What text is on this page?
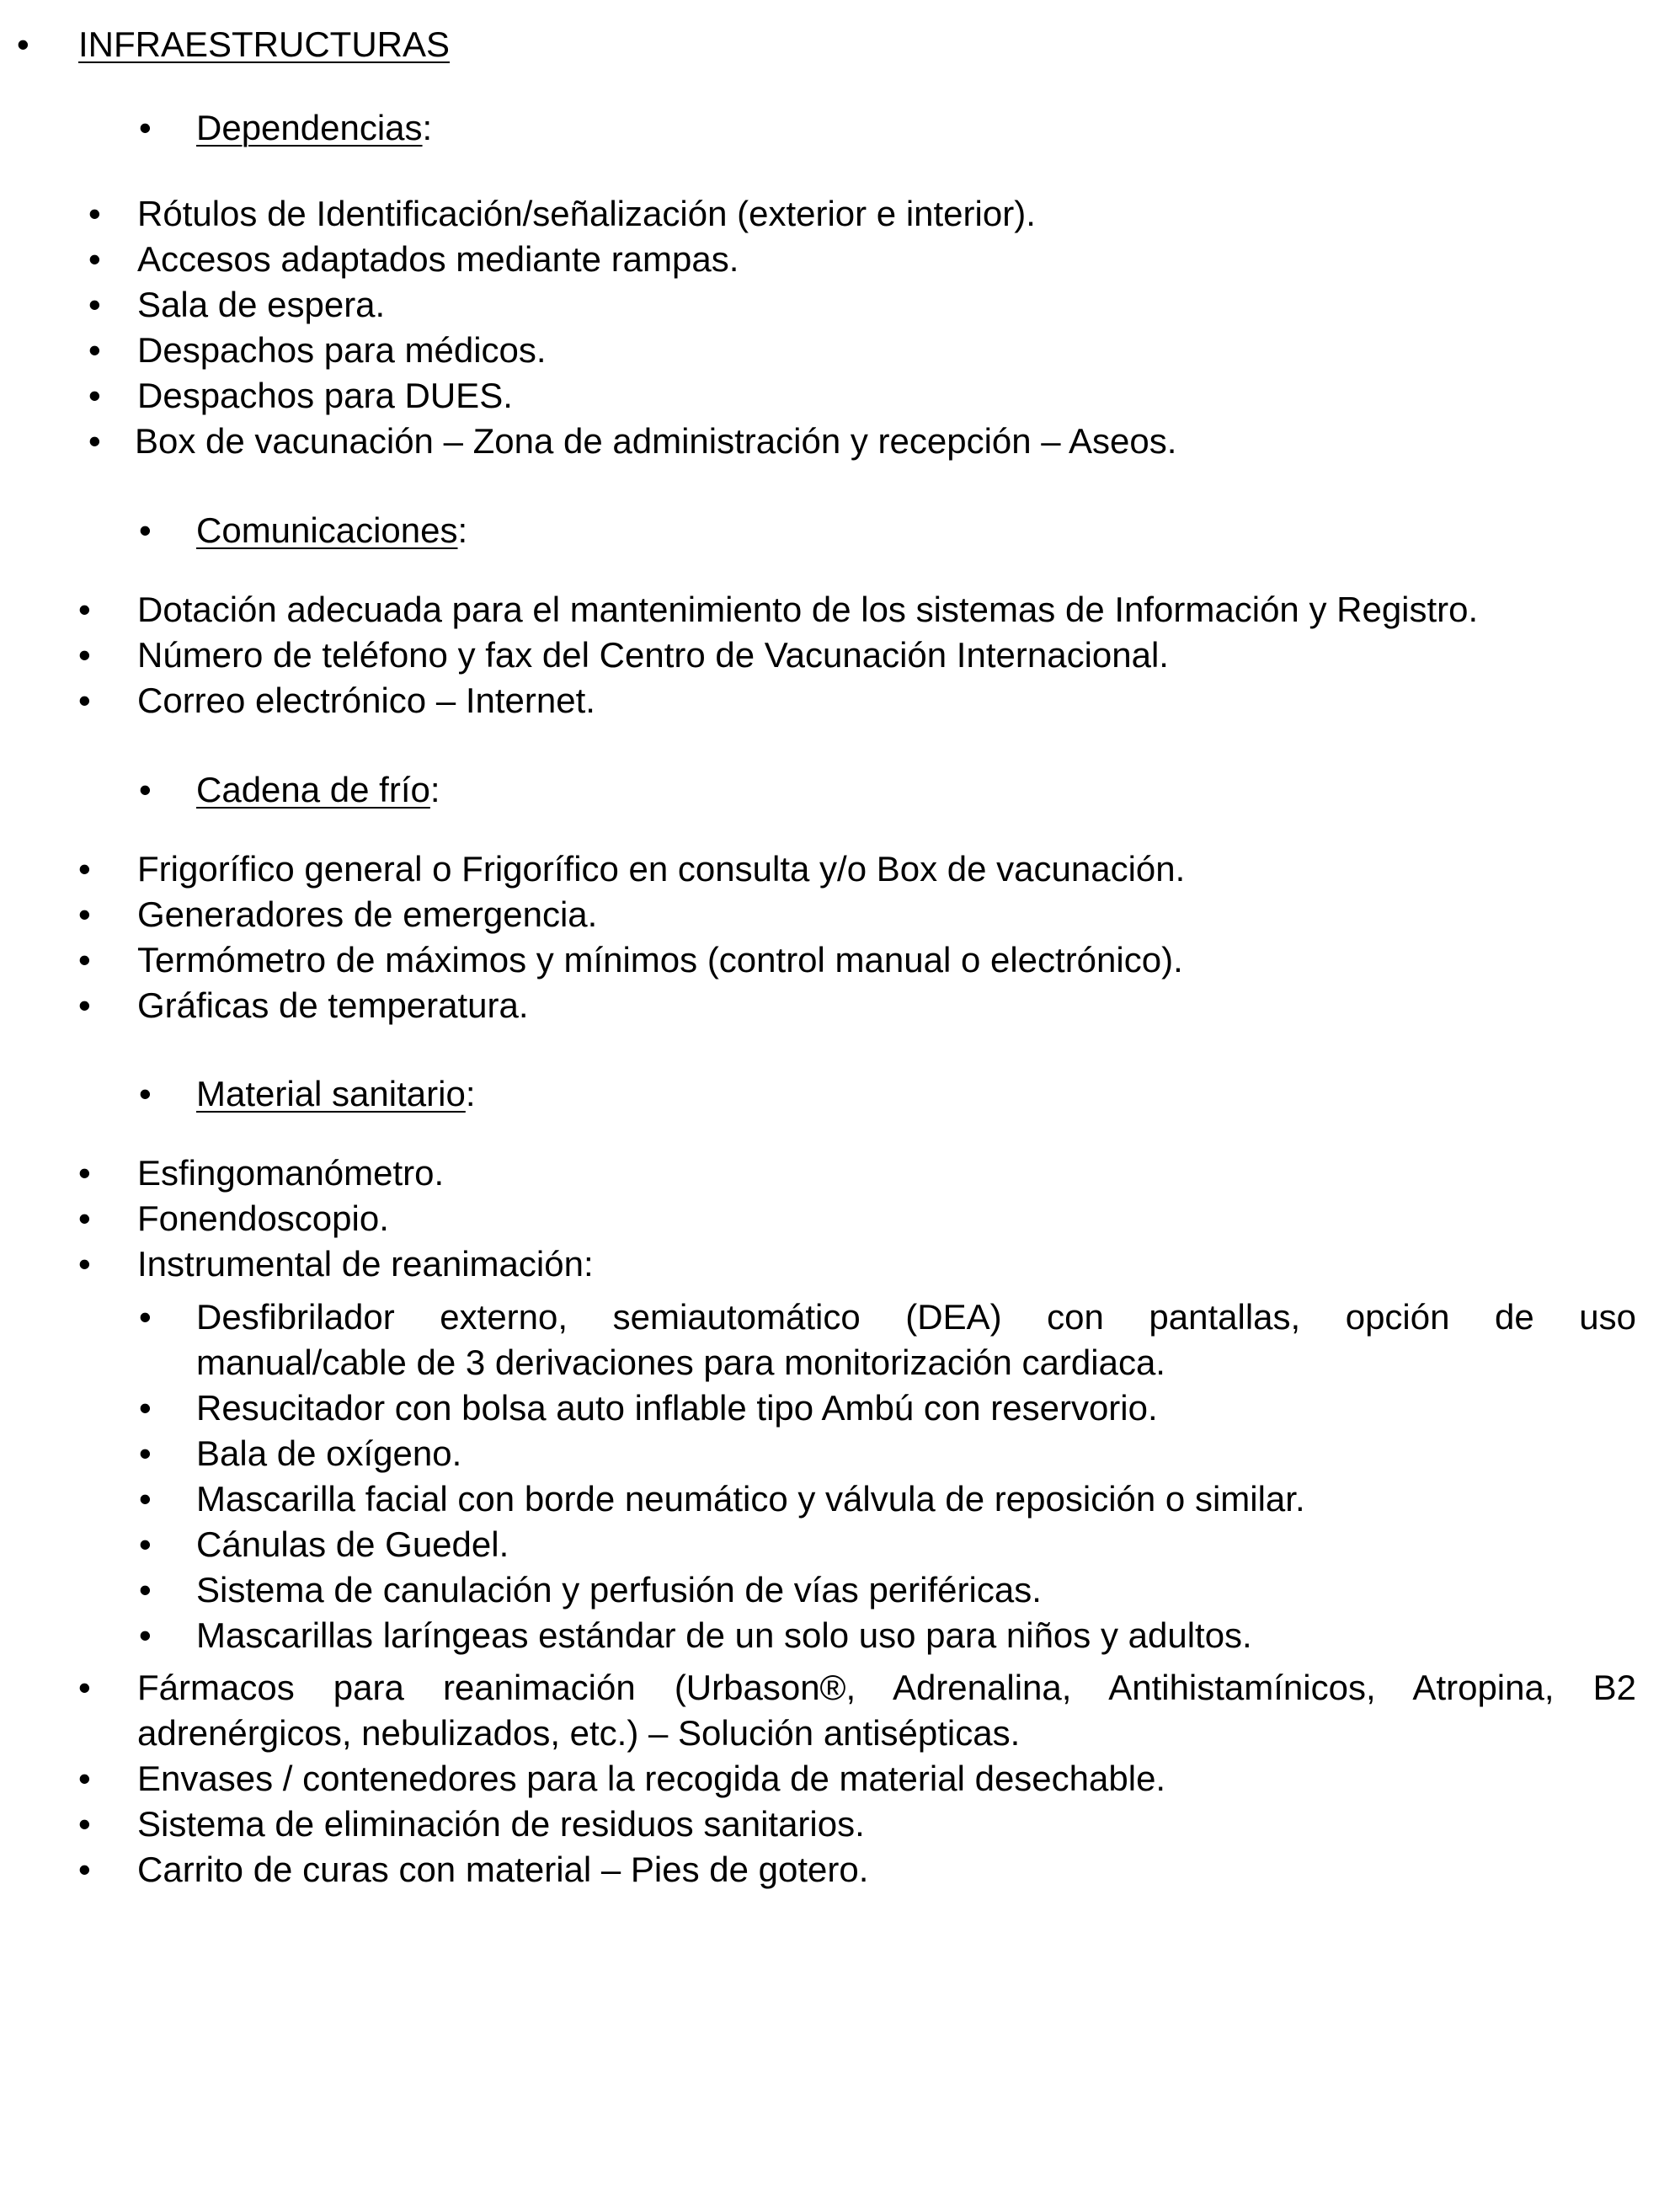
• INFRAESTRUCTURAS
• Dependencias:
• Rótulos de Identificación/señalización (exterior e interior).
• Accesos adaptados mediante rampas.
• Sala de espera.
• Despachos para médicos.
• Despachos para DUES.
• Box de vacunación – Zona de administración y recepción – Aseos.
• Comunicaciones:
• Dotación adecuada para el mantenimiento de los sistemas de Información y Registro.
• Número de teléfono y fax del Centro de Vacunación Internacional.
• Correo electrónico – Internet.
• Cadena de frío:
• Frigorífico general o Frigorífico en consulta y/o Box de vacunación.
• Generadores de emergencia.
• Termómetro de máximos y mínimos (control manual o electrónico).
• Gráficas de temperatura.
• Material sanitario:
• Esfingomanómetro.
• Fonendoscopio.
• Instrumental de reanimación:
• Desfibrilador externo, semiautomático (DEA) con pantallas, opción de uso
manual/cable de 3 derivaciones para monitorización cardiaca.
• Resucitador con bolsa auto inflable tipo Ambú con reservorio.
• Bala de oxígeno.
• Mascarilla facial con borde neumático y válvula de reposición o similar.
• Cánulas de Guedel.
• Sistema de canulación y perfusión de vías periféricas.
• Mascarillas laríngeas estándar de un solo uso para niños y adultos.
• Fármacos para reanimación (Urbason®, Adrenalina, Antihistamínicos, Atropina, B2
adrenérgicos, nebulizados, etc.) – Solución antisépticas.
• Envases / contenedores para la recogida de material desechable.
• Sistema de eliminación de residuos sanitarios.
• Carrito de curas con material – Pies de gotero.
